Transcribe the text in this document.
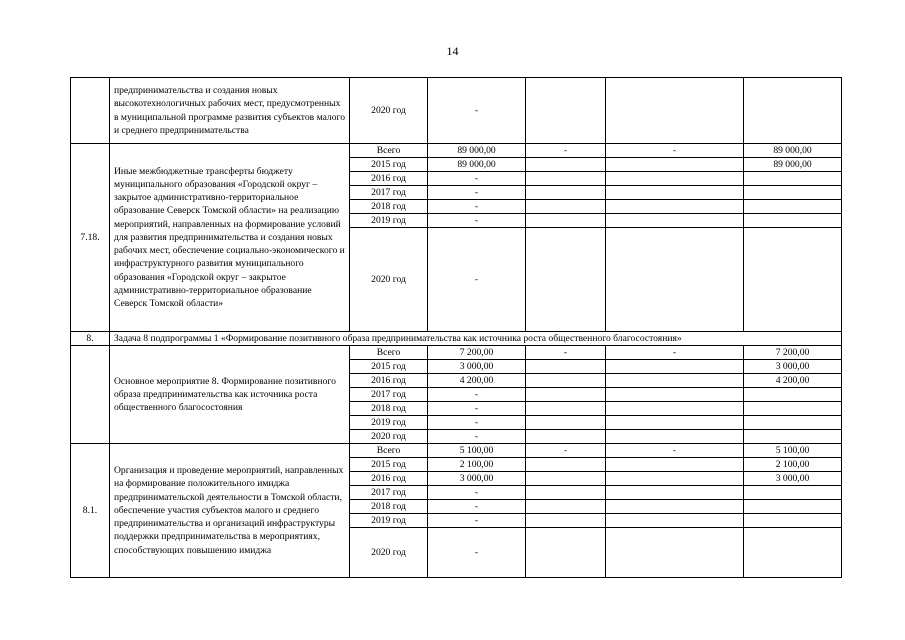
14
	предпринимательства и создания новых высокотехнологичных рабочих мест, предусмотренных в муниципальной программе развития субъектов малого и среднего предпринимательства	2020 год	-			
7.18.	Иные межбюджетные трансферты бюджету муниципального образования «Городской округ – закрытое административно-территориальное образование Северск Томской области» на реализацию мероприятий, направленных на формирование условий для развития предпринимательства и создания новых рабочих мест, обеспечение социально-экономического и инфраструктурного развития муниципального образования «Городской округ – закрытое административно-территориальное образование Северск Томской области»	Всего	89 000,00	-	-	89 000,00
		2015 год	89 000,00			89 000,00
		2016 год	-			
		2017 год	-			
		2018 год	-			
		2019 год	-			
		2020 год	-			
8.	Задача 8 подпрограммы 1 «Формирование позитивного образа предпринимательства как источника роста общественного благосостояния»					
	Основное мероприятие 8. Формирование позитивного образа предпринимательства как источника роста общественного благосостояния	Всего	7 200,00	-	-	7 200,00
		2015 год	3 000,00			3 000,00
		2016 год	4 200,00			4 200,00
		2017 год	-			
		2018 год	-			
		2019 год	-			
		2020 год	-			
8.1.	Организация и проведение мероприятий, направленных на формирование положительного имиджа предпринимательской деятельности в Томской области, обеспечение участия субъектов малого и среднего предпринимательства и организаций инфраструктуры поддержки предпринимательства в мероприятиях, способствующих повышению имиджа	Всего	5 100,00	-	-	5 100,00
		2015 год	2 100,00			2 100,00
		2016 год	3 000,00			3 000,00
		2017 год	-			
		2018 год	-			
		2019 год	-			
		2020 год	-			
